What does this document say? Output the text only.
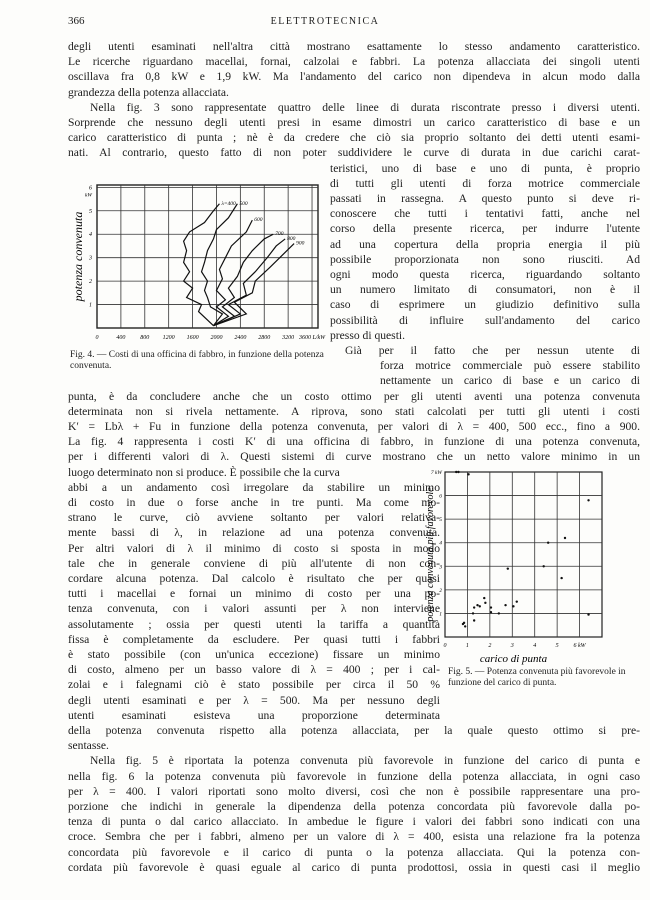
366	ELETTROTECNICA
degli utenti esaminati nell'altra città mostrano esattamente lo stesso andamento caratteristico.
Le ricerche riguardano macellai, fornai, calzolai e fabbri. La potenza allacciata dei singoli utenti
oscillava fra 0,8 kW e 1,9 kW. Ma l'andamento del carico non dipendeva in alcun modo dalla
grandezza della potenza allacciata.
Nella fig. 3 sono rappresentate quattro delle linee di durata riscontrate presso i diversi utenti.
Sorprende che nessuno degli utenti presi in esame dimostri un carico caratteristico di base e un
carico caratteristico di punta ; nè è da credere che ciò sia proprio soltanto dei detti utenti esami-
nati. Al contrario, questo fatto di non poter suddividere le curve di durata in due carichi carat-
teristici, uno di base e uno di punta, è proprio
di tutti gli utenti di forza motrice commerciale
passati in rassegna. A questo punto si deve ri-
conoscere che tutti i tentativi fatti, anche nel
corso della presente ricerca, per indurre l'utente
ad una copertura della propria energia il più
possibile proporzionata non sono riusciti. Ad
ogni modo questa ricerca, riguardando soltanto
un numero limitato di consumatori, non è il
caso di esprimere un giudizio definitivo sulla
possibilità di influire sull'andamento del carico
presso di questi.
Già per il fatto che per nessun utente di
forza motrice commerciale può essere stabilito
nettamente un carico di base e un carico di
punta, è da concludere anche che un costo ottimo per gli utenti aventi una potenza convenuta
determinata non si rivela nettamente. A riprova, sono stati calcolati per tutti gli utenti i costi
K′ = Lbλ + Fu in funzione della potenza convenuta, per valori di λ = 400, 500 ecc., fino a 900.
La fig. 4 rappresenta i costi K′ di una officina di fabbro, in funzione di una potenza convenuta,
per i differenti valori di λ. Questi sistemi di curve mostrano che un netto valore minimo in un
luogo determinato non si produce. È possibile che la curva
abbi a un andamento così irregolare da stabilire un minimo
di costo in due o forse anche in tre punti. Ma come mo-
strano le curve, ciò avviene soltanto per valori relativa-
mente bassi di λ, in relazione ad una potenza convenuta.
Per altri valori di λ il minimo di costo si sposta in modo
tale che in generale conviene di più all'utente di non con-
cordare alcuna potenza. Dal calcolo è risultato che per quasi
tutti i macellai e fornai un minimo di costo per una po-
tenza convenuta, con i valori assunti per λ non interviene
assolutamente ; ossia per questi utenti la tariffa a quantità
fissa è completamente da escludere. Per quasi tutti i fabbri
è stato possibile (con un'unica eccezione) fissare un minimo
di costo, almeno per un basso valore di λ = 400 ; per i cal-
zolai e i falegnami ciò è stato possibile per circa il 50 %
degli utenti esaminati e per λ = 500. Ma per nessuno degli
utenti esaminati esisteva una proporzione determinata
della potenza convenuta rispetto alla potenza allacciata, per la quale questo ottimo si pre-
sentasse.
Nella fig. 5 è riportata la potenza convenuta più favorevole in funzione del carico di punta e
nella fig. 6 la potenza convenuta più favorevole in funzione della potenza allacciata, in ogni caso
per λ = 400. I valori riportati sono molto diversi, così che non è possibile rappresentare una pro-
porzione che indichi in generale la dipendenza della potenza concordata più favorevole dalla po-
tenza di punta o dal carico allacciato. In ambedue le figure i valori dei fabbri sono indicati con una
croce. Sembra che per i fabbri, almeno per un valore di λ = 400, esista una relazione fra la potenza
concordata più favorevole e il carico di punta o la potenza allacciata. Qui la potenza con-
cordata più favorevole è quasi eguale al carico di punta prodottosi, ossia in questi casi il meglio
0	400 800 1200 1600 2000 2400 2800 3200 3600 L/kW
1
2
3
4
5
6
kW
potenza convenuta
λ=400 500
600
700
800
900
Fig. 4. — Costi di una officina di fabbro, in funzione della potenza convenuta.
0	1	2	3	4	5 6 kW
1
2
3
4
5
6
7 kW
carico di punta
potenza convenuta più favorevole
Fig. 5. — Potenza convenuta più favorevole in funzione del carico di punta.
